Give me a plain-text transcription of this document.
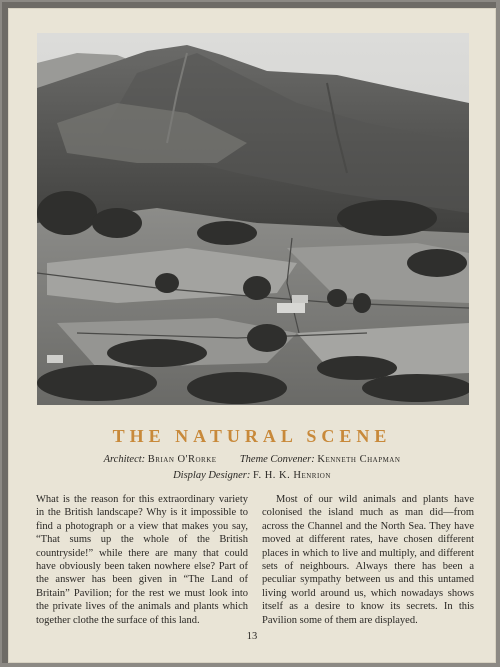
THE NATURAL SCENE
Architect: Brian O'Rorke Theme Convener: Kenneth Chapman
Display Designer: F. H. K. Henrion
What is the reason for this extraordinary variety in the British landscape? Why is it impossible to find a photograph or a view that makes you say, “That sums up the whole of the British countryside!” while there are many that could have obviously been taken nowhere else? Part of the answer has been given in “The Land of Britain” Pavilion; for the rest we must look into the private lives of the animals and plants which together clothe the surface of this land.
Most of our wild animals and plants have colonised the island much as man did—from across the Channel and the North Sea. They have moved at different rates, have chosen different places in which to live and multiply, and different sets of neighbours. Always there has been a peculiar sympathy between us and this untamed living world around us, which nowadays shows itself as a desire to know its secrets. In this Pavilion some of them are displayed.
13
